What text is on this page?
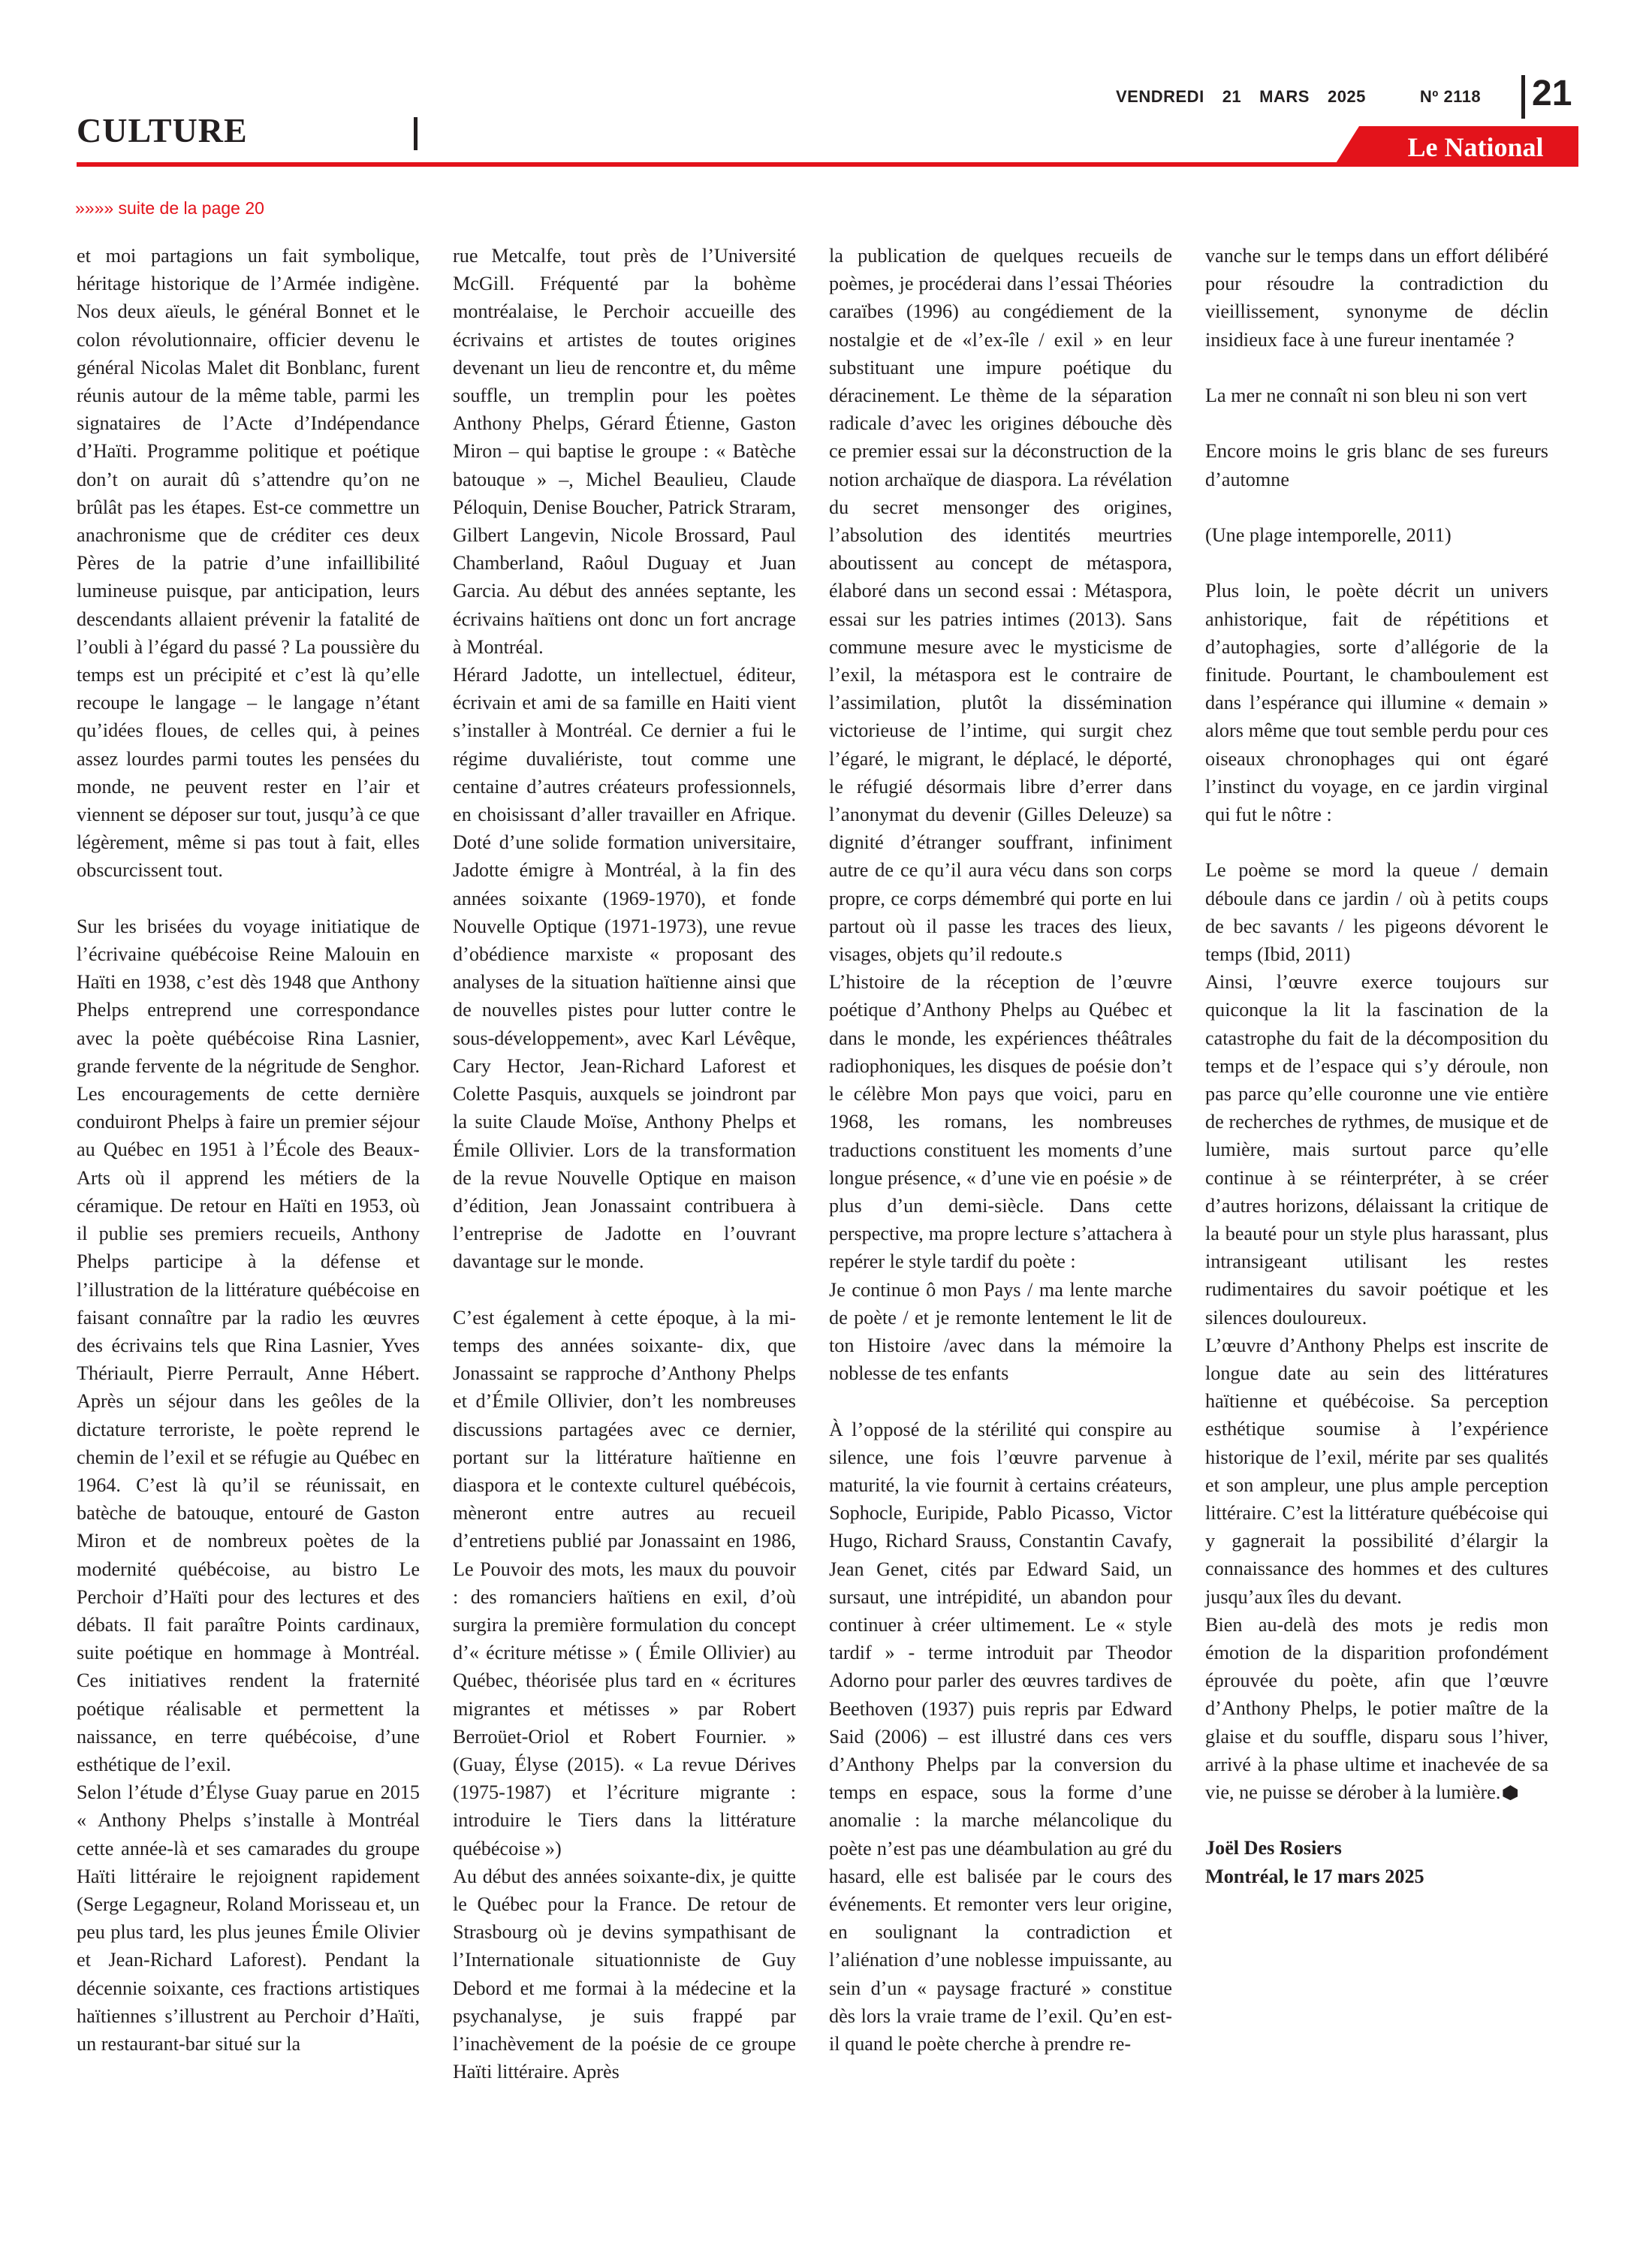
VENDREDI 21 MARS 2025	Nº 2118 21
CULTURE	Le National
»»»» suite de la page 20

et moi partagions un fait symbolique, héritage historique de l’Armée indigène. Nos deux aïeuls, le général Bonnet et le colon révolutionnaire, officier devenu le général Nicolas Malet dit Bonblanc, furent réunis autour de la même table, parmi les signataires de l’Acte d’Indépendance d’Haïti. Programme politique et poétique don’t on aurait dû s’attendre qu’on ne brûlât pas les étapes. Est-ce commettre un anachronisme que de créditer ces deux Pères de la patrie d’une infaillibilité lumineuse puisque, par anticipation, leurs descendants allaient prévenir la fatalité de l’oubli à l’égard du passé ? La poussière du temps est un précipité et c’est là qu’elle recoupe le langage – le langage n’étant qu’idées floues, de celles qui, à peines assez lourdes parmi toutes les pensées du monde, ne peuvent rester en l’air et viennent se déposer sur tout, jusqu’à ce que légèrement, même si pas tout à fait, elles obscurcissent tout.

Sur les brisées du voyage initiatique de l’écrivaine québécoise Reine Malouin en Haïti en 1938, c’est dès 1948 que Anthony Phelps entreprend une correspondance avec la poète québécoise Rina Lasnier, grande fervente de la négritude de Senghor. Les encouragements de cette dernière conduiront Phelps à faire un premier séjour au Québec en 1951 à l’École des Beaux-Arts où il apprend les métiers de la céramique. De retour en Haïti en 1953, où il publie ses premiers recueils, Anthony Phelps participe à la défense et l’illustration de la littérature québécoise en faisant connaître par la radio les œuvres des écrivains tels que Rina Lasnier, Yves Thériault, Pierre Perrault, Anne Hébert. Après un séjour dans les geôles de la dictature terroriste, le poète reprend le chemin de l’exil et se réfugie au Québec en 1964. C’est là qu’il se réunissait, en batèche de batouque, entouré de Gaston Miron et de nombreux poètes de la modernité québécoise, au bistro Le Perchoir d’Haïti pour des lectures et des débats. Il fait paraître Points cardinaux, suite poétique en hommage à Montréal. Ces initiatives rendent la fraternité poétique réalisable et permettent la naissance, en terre québécoise, d’une esthétique de l’exil.

Selon l’étude d’Élyse Guay parue en 2015 « Anthony Phelps s’installe à Montréal cette année-là et ses camarades du groupe Haïti littéraire le rejoignent rapidement (Serge Legagneur, Roland Morisseau et, un peu plus tard, les plus jeunes Émile Olivier et Jean-Richard Laforest). Pendant la décennie soixante, ces fractions artistiques haïtiennes s’illustrent au Perchoir d’Haïti, un restaurant-bar situé sur la

rue Metcalfe, tout près de l’Université McGill. Fréquenté par la bohème montréalaise, le Perchoir accueille des écrivains et artistes de toutes origines devenant un lieu de rencontre et, du même souffle, un tremplin pour les poètes Anthony Phelps, Gérard Étienne, Gaston Miron – qui baptise le groupe : « Batèche batouque » –, Michel Beaulieu, Claude Péloquin, Denise Boucher, Patrick Straram, Gilbert Langevin, Nicole Brossard, Paul Chamberland, Raôul Duguay et Juan Garcia. Au début des années septante, les écrivains haïtiens ont donc un fort ancrage à Montréal.

Hérard Jadotte, un intellectuel, éditeur, écrivain et ami de sa famille en Haiti vient s’installer à Montréal. Ce dernier a fui le régime duvaliériste, tout comme une centaine d’autres créateurs professionnels, en choisissant d’aller travailler en Afrique. Doté d’une solide formation universitaire, Jadotte émigre à Montréal, à la fin des années soixante (1969-1970), et fonde Nouvelle Optique (1971-1973), une revue d’obédience marxiste « proposant des analyses de la situation haïtienne ainsi que de nouvelles pistes pour lutter contre le sous-développement», avec Karl Lévêque, Cary Hector, Jean-Richard Laforest et Colette Pasquis, auxquels se joindront par la suite Claude Moïse, Anthony Phelps et Émile Ollivier. Lors de la transformation de la revue Nouvelle Optique en maison d’édition, Jean Jonassaint contribuera à l’entreprise de Jadotte en l’ouvrant davantage sur le monde.

C’est également à cette époque, à la mi-temps des années soixante- dix, que Jonassaint se rapproche d’Anthony Phelps et d’Émile Ollivier, don’t les nombreuses discussions partagées avec ce dernier, portant sur la littérature haïtienne en diaspora et le contexte culturel québécois, mèneront entre autres au recueil d’entretiens publié par Jonassaint en 1986, Le Pouvoir des mots, les maux du pouvoir : des romanciers haïtiens en exil, d’où surgira la première formulation du concept d’« écriture métisse » ( Émile Ollivier) au Québec, théorisée plus tard en « écritures migrantes et métisses » par Robert Berroüet-Oriol et Robert Fournier. » (Guay, Élyse (2015). « La revue Dérives (1975-1987) et l’écriture migrante : introduire le Tiers dans la littérature québécoise »)

Au début des années soixante-dix, je quitte le Québec pour la France. De retour de Strasbourg où je devins sympathisant de l’Internationale situationniste de Guy Debord et me formai à la médecine et la psychanalyse, je suis frappé par l’inachèvement de la poésie de ce groupe Haïti littéraire. Après

la publication de quelques recueils de poèmes, je procéderai dans l’essai Théories caraïbes (1996) au congédiement de la nostalgie et de «l’ex-île / exil » en leur substituant une impure poétique du déracinement. Le thème de la séparation radicale d’avec les origines débouche dès ce premier essai sur la déconstruction de la notion archaïque de diaspora. La révélation du secret mensonger des origines, l’absolution des identités meurtries aboutissent au concept de métaspora, élaboré dans un second essai : Métaspora, essai sur les patries intimes (2013). Sans commune mesure avec le mysticisme de l’exil, la métaspora est le contraire de l’assimilation, plutôt la dissémination victorieuse de l’intime, qui surgit chez l’égaré, le migrant, le déplacé, le déporté, le réfugié désormais libre d’errer dans l’anonymat du devenir (Gilles Deleuze) sa dignité d’étranger souffrant, infiniment autre de ce qu’il aura vécu dans son corps propre, ce corps démembré qui porte en lui partout où il passe les traces des lieux, visages, objets qu’il redoute.s

L’histoire de la réception de l’œuvre poétique d’Anthony Phelps au Québec et dans le monde, les expériences théâtrales radiophoniques, les disques de poésie don’t le célèbre Mon pays que voici, paru en 1968, les romans, les nombreuses traductions constituent les moments d’une longue présence, « d’une vie en poésie » de plus d’un demi-siècle. Dans cette perspective, ma propre lecture s’attachera à repérer le style tardif du poète :

Je continue ô mon Pays / ma lente marche de poète / et je remonte lentement le lit de ton Histoire /avec dans la mémoire la noblesse de tes enfants

À l’opposé de la stérilité qui conspire au silence, une fois l’œuvre parvenue à maturité, la vie fournit à certains créateurs, Sophocle, Euripide, Pablo Picasso, Victor Hugo, Richard Srauss, Constantin Cavafy, Jean Genet, cités par Edward Said, un sursaut, une intrépidité, un abandon pour continuer à créer ultimement. Le « style tardif » - terme introduit par Theodor Adorno pour parler des œuvres tardives de Beethoven (1937) puis repris par Edward Said (2006) – est illustré dans ces vers d’Anthony Phelps par la conversion du temps en espace, sous la forme d’une anomalie : la marche mélancolique du poète n’est pas une déambulation au gré du hasard, elle est balisée par le cours des événements. Et remonter vers leur origine, en soulignant la contradiction et l’aliénation d’une noblesse impuissante, au sein d’un « paysage fracturé » constitue dès lors la vraie trame de l’exil. Qu’en est-il quand le poète cherche à prendre re-

vanche sur le temps dans un effort délibéré pour résoudre la contradiction du vieillissement, synonyme de déclin insidieux face à une fureur inentamée ?

La mer ne connaît ni son bleu ni son vert

Encore moins le gris blanc de ses fureurs d’automne

(Une plage intemporelle, 2011)

Plus loin, le poète décrit un univers anhistorique, fait de répétitions et d’autophagies, sorte d’allégorie de la finitude. Pourtant, le chamboulement est dans l’espérance qui illumine « demain » alors même que tout semble perdu pour ces oiseaux chronophages qui ont égaré l’instinct du voyage, en ce jardin virginal qui fut le nôtre :

Le poème se mord la queue / demain déboule dans ce jardin / où à petits coups de bec savants / les pigeons dévorent le temps (Ibid, 2011)

Ainsi, l’œuvre exerce toujours sur quiconque la lit la fascination de la catastrophe du fait de la décomposition du temps et de l’espace qui s’y déroule, non pas parce qu’elle couronne une vie entière de recherches de rythmes, de musique et de lumière, mais surtout parce qu’elle continue à se réinterpréter, à se créer d’autres horizons, délaissant la critique de la beauté pour un style plus harassant, plus intransigeant utilisant les restes rudimentaires du savoir poétique et les silences douloureux.

L’œuvre d’Anthony Phelps est inscrite de longue date au sein des littératures haïtienne et québécoise. Sa perception esthétique soumise à l’expérience historique de l’exil, mérite par ses qualités et son ampleur, une plus ample perception littéraire. C’est la littérature québécoise qui y gagnerait la possibilité d’élargir la connaissance des hommes et des cultures jusqu’aux îles du devant.

Bien au-delà des mots je redis mon émotion de la disparition profondément éprouvée du poète, afin que l’œuvre d’Anthony Phelps, le potier maître de la glaise et du souffle, disparu sous l’hiver, arrivé à la phase ultime et inachevée de sa vie, ne puisse se dérober à la lumière.

Joël Des Rosiers

Montréal, le 17 mars 2025
